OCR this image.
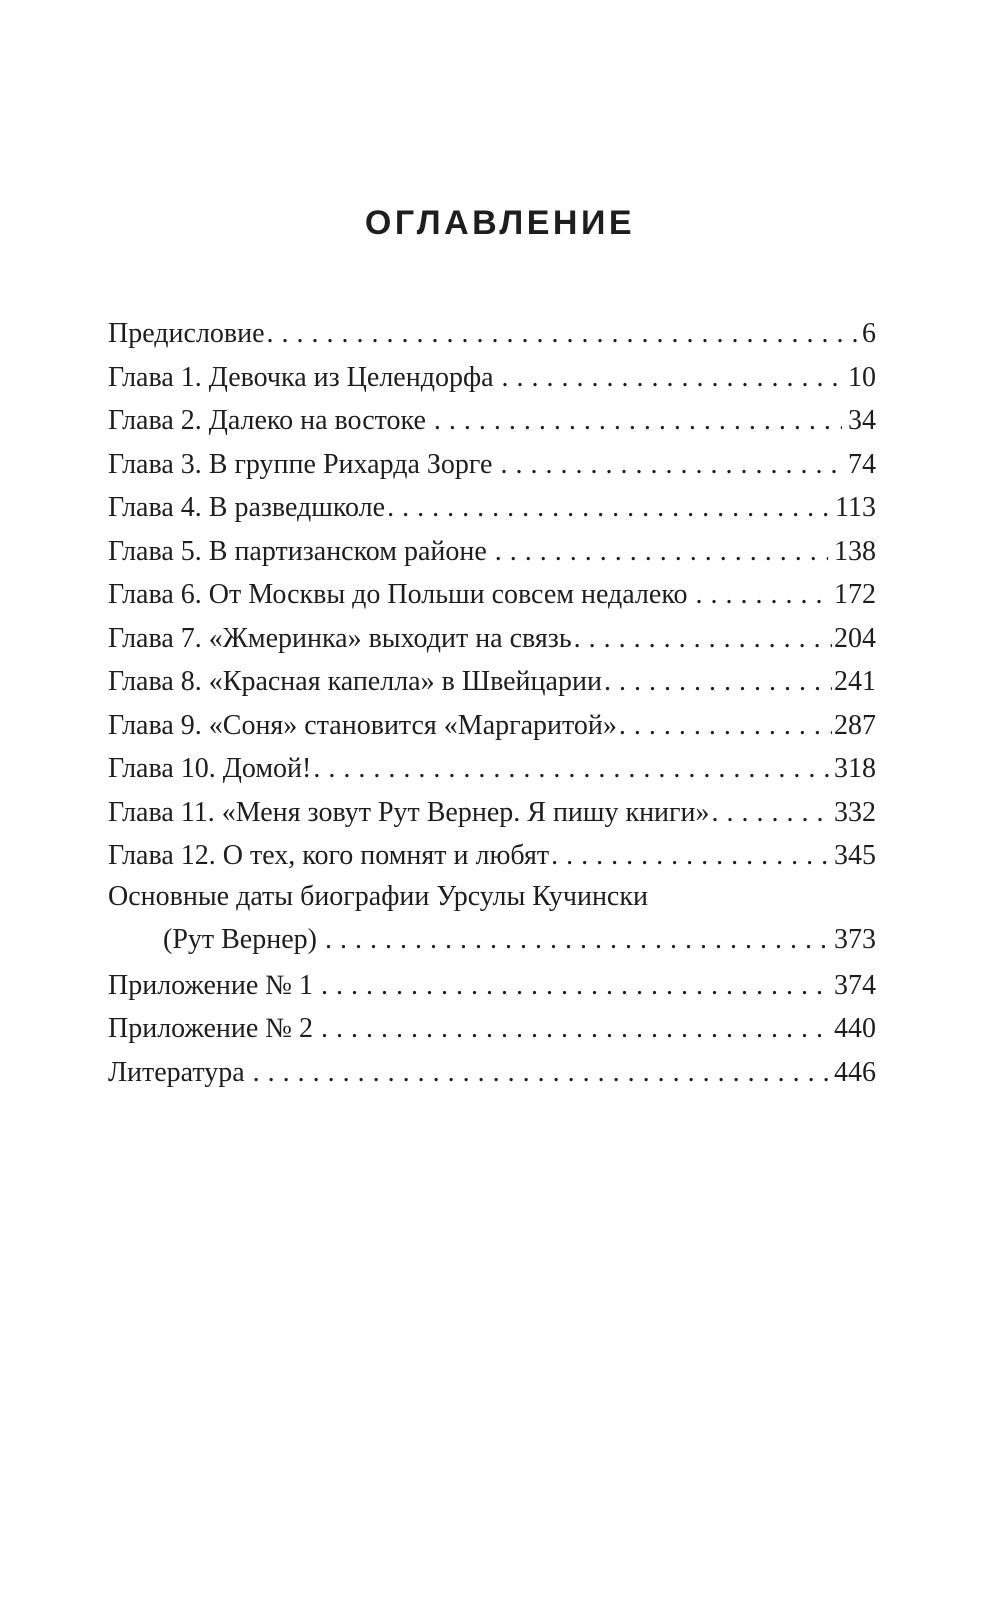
ОГЛАВЛЕНИЕ
Предисловие . . .	6
Глава 1. Девочка из Целендорфа . . .	10
Глава 2. Далеко на востоке . . .	34
Глава 3. В группе Рихарда Зорге . . .	74
Глава 4. В разведшколе . . .	113
Глава 5. В партизанском районе . . .	138
Глава 6. От Москвы до Польши совсем недалеко . . .	172
Глава 7. «Жмеринка» выходит на связь . . .	204
Глава 8. «Красная капелла» в Швейцарии . . .	241
Глава 9. «Соня» становится «Маргаритой» . . .	287
Глава 10. Домой! . . .	318
Глава 11. «Меня зовут Рут Вернер. Я пишу книги» . . .	332
Глава 12. О тех, кого помнят и любят . . .	345
Основные даты биографии Урсулы Кучински
(Рут Вернер) . . .	373
Приложение № 1 . . .	374
Приложение № 2 . . .	440
Литература . . .	446
